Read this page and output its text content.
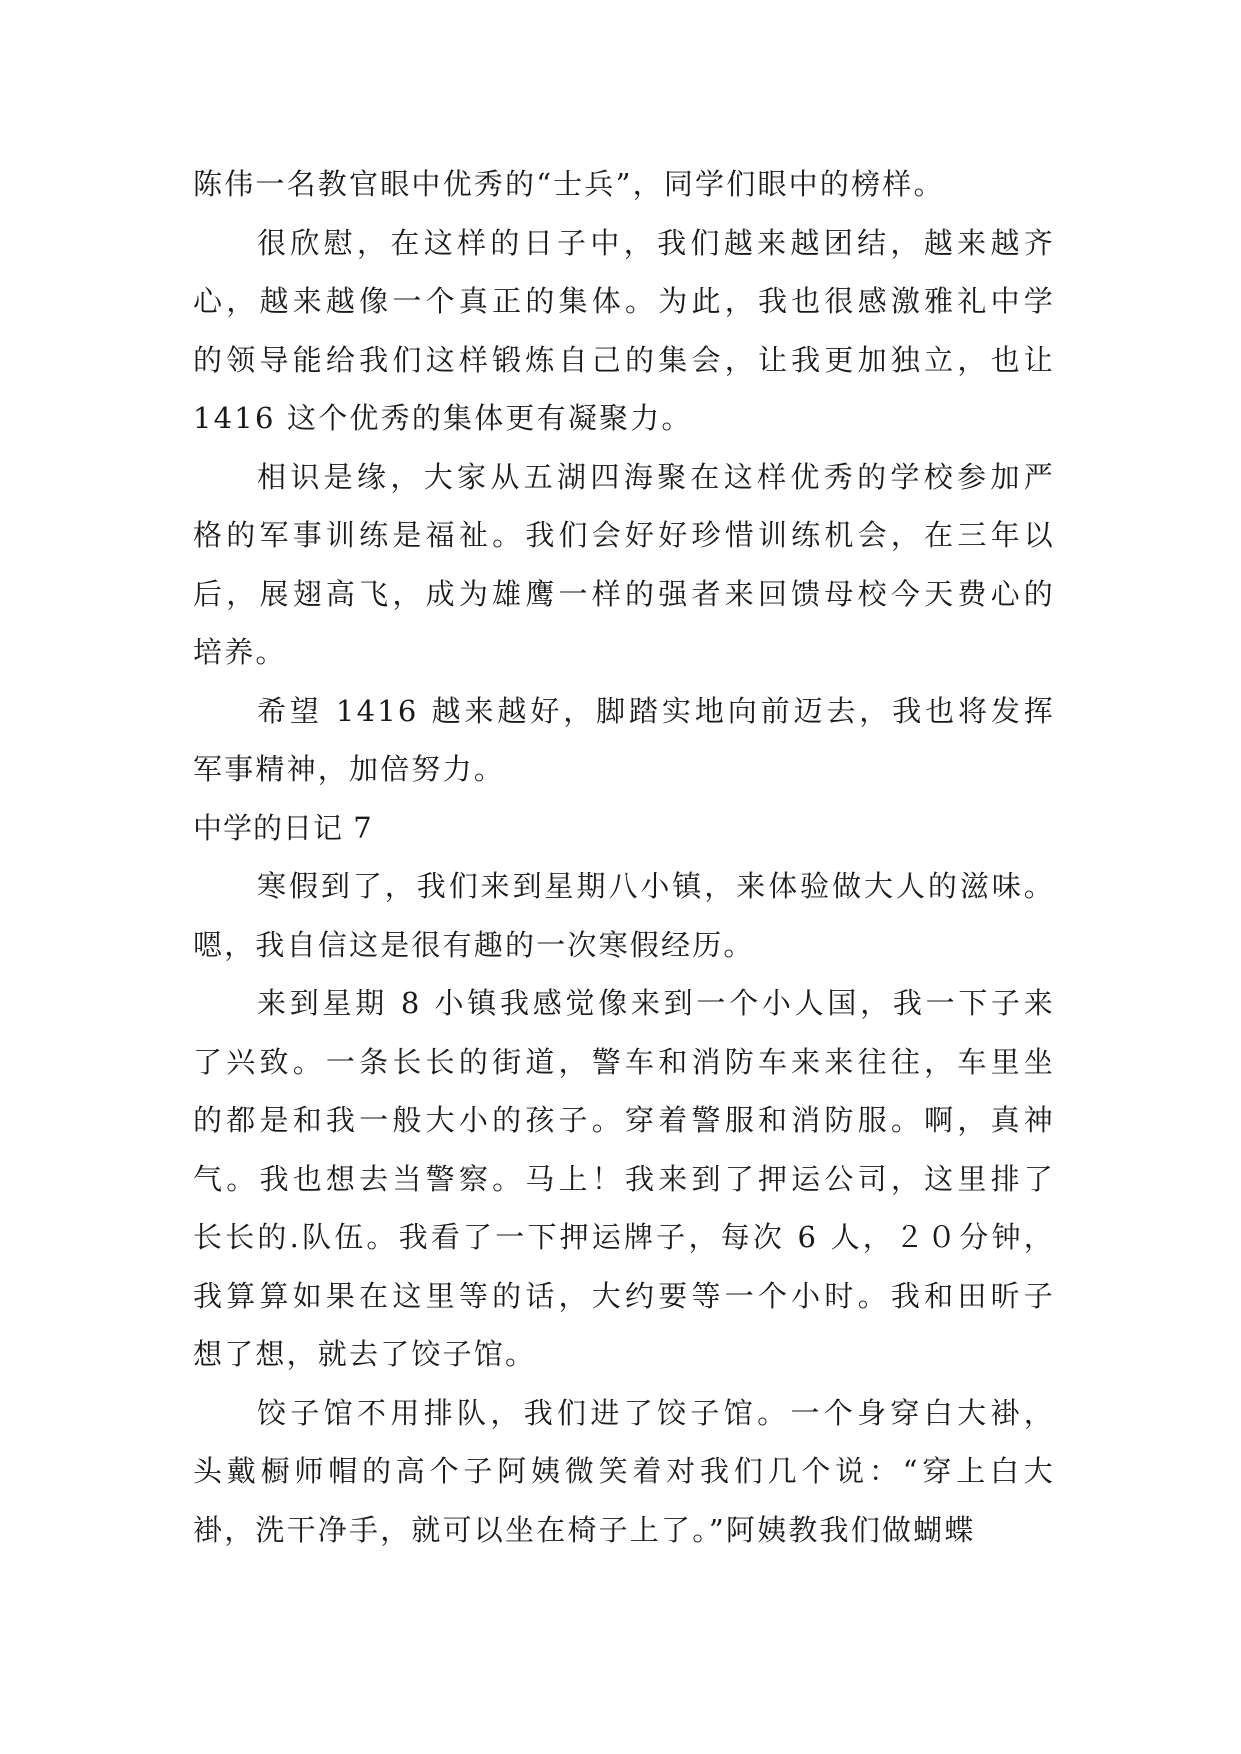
陈伟一名教官眼中优秀的“士兵”，同学们眼中的榜样。
很欣慰，在这样的日子中，我们越来越团结，越来越齐
心，越来越像一个真正的集体。为此，我也很感激雅礼中学
的领导能给我们这样锻炼自己的集会，让我更加独立，也让
1416 这个优秀的集体更有凝聚力。
相识是缘，大家从五湖四海聚在这样优秀的学校参加严
格的军事训练是福祉。我们会好好珍惜训练机会，在三年以
后，展翅高飞，成为雄鹰一样的强者来回馈母校今天费心的
培养。
希望 1416 越来越好，脚踏实地向前迈去，我也将发挥
军事精神，加倍努力。
中学的日记 7
寒假到了，我们来到星期八小镇，来体验做大人的滋味。
嗯，我自信这是很有趣的一次寒假经历。
来到星期 8 小镇我感觉像来到一个小人国，我一下子来
了兴致。一条长长的街道，警车和消防车来来往往，车里坐
的都是和我一般大小的孩子。穿着警服和消防服。啊，真神
气。我也想去当警察。马上！我来到了押运公司，这里排了
长长的.队伍。我看了一下押运牌子，每次 6 人，２０分钟，
我算算如果在这里等的话，大约要等一个小时。我和田昕子
想了想，就去了饺子馆。
饺子馆不用排队，我们进了饺子馆。一个身穿白大褂，
头戴橱师帽的高个子阿姨微笑着对我们几个说：“穿上白大
褂，洗干净手，就可以坐在椅子上了。”阿姨教我们做蝴蝶
